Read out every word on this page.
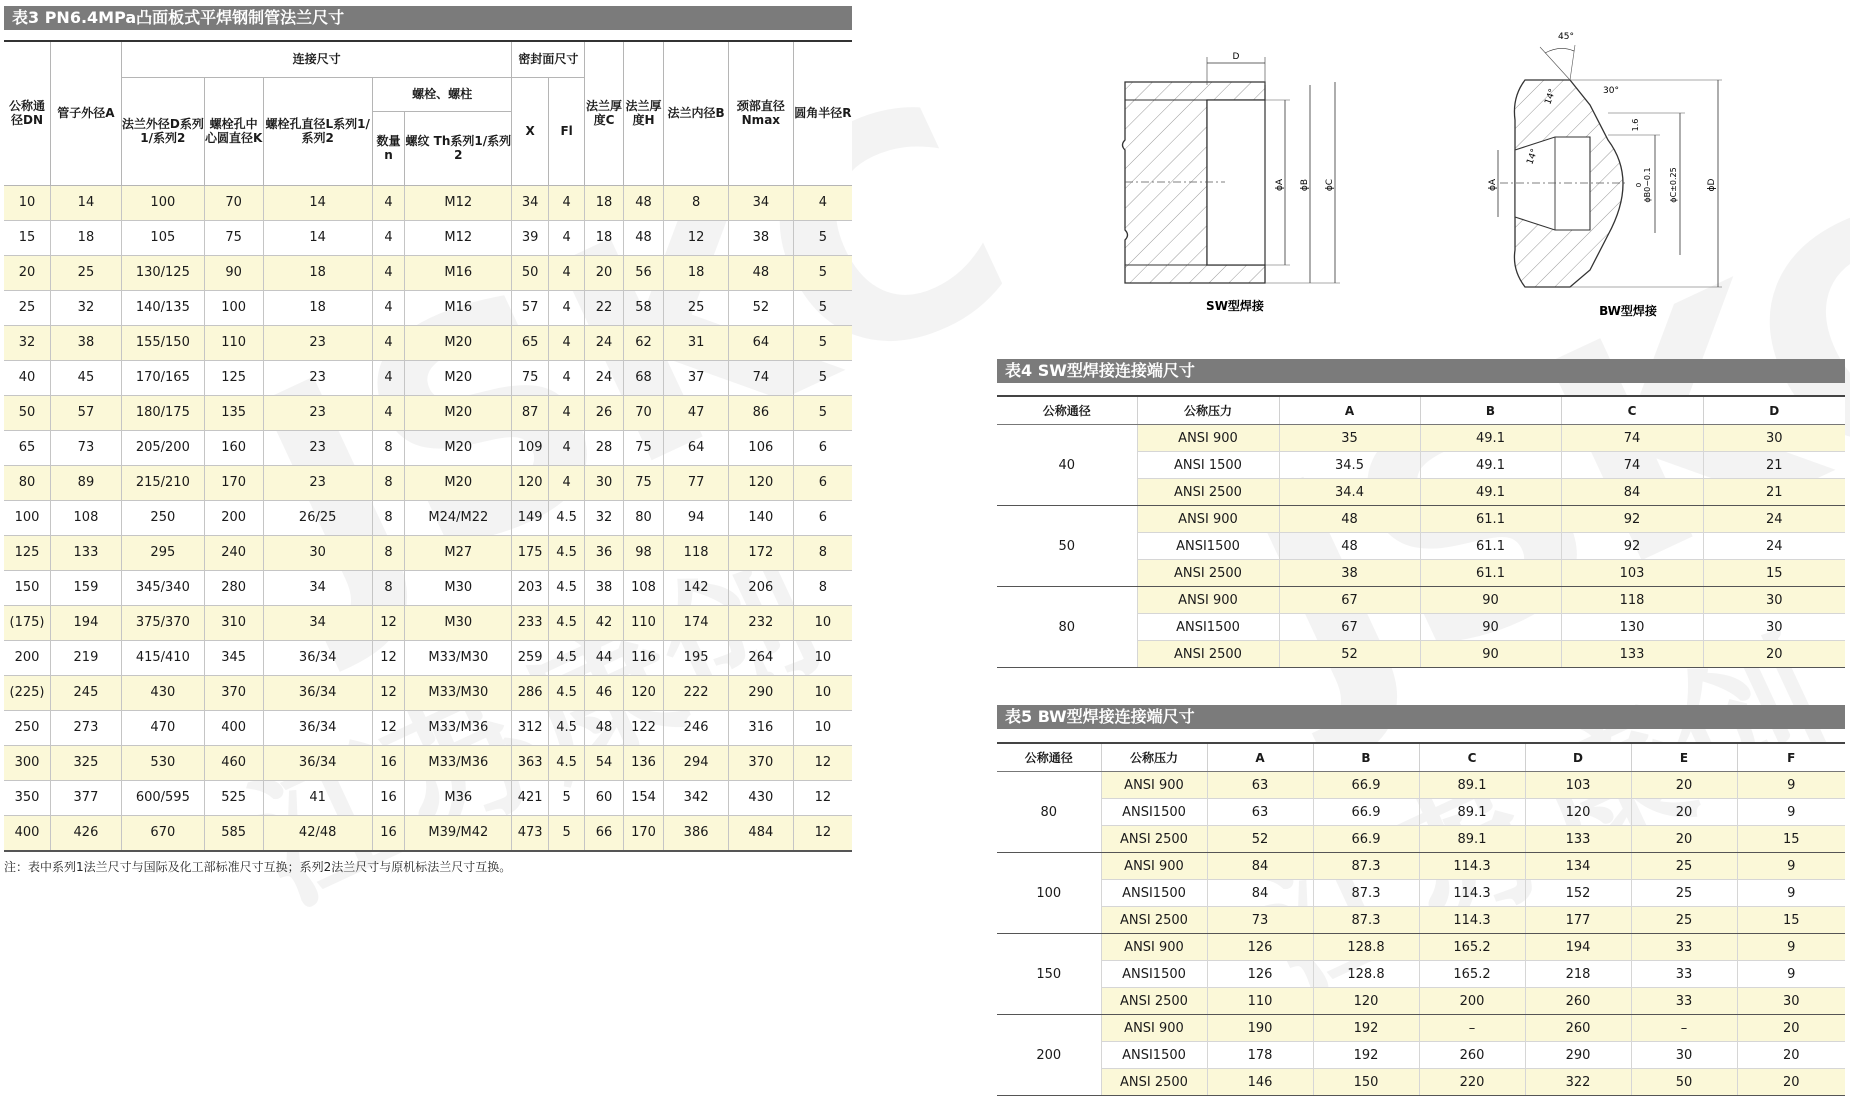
表3 PN6.4MPa凸面板式平焊钢制管法兰尺寸
公称通径DN	管子外径A	连接尺寸					密封面尺寸		法兰厚度C	法兰厚度H	法兰内径B	颈部直径Nmax	圆角半径R
		法兰外径D系列1/系列2	螺栓孔中心圆直径K	螺栓孔直径L系列1/系列2	螺栓、螺柱		X	Fl					
					数量n	螺纹 Th系列1/系列2							
10	14	100	70	14	4	M12	34	4	18	48	8	34	4
15	18	105	75	14	4	M12	39	4	18	48	12	38	5
20	25	130/125	90	18	4	M16	50	4	20	56	18	48	5
25	32	140/135	100	18	4	M16	57	4	22	58	25	52	5
32	38	155/150	110	23	4	M20	65	4	24	62	31	64	5
40	45	170/165	125	23	4	M20	75	4	24	68	37	74	5
50	57	180/175	135	23	4	M20	87	4	26	70	47	86	5
65	73	205/200	160	23	8	M20	109	4	28	75	64	106	6
80	89	215/210	170	23	8	M20	120	4	30	75	77	120	6
100	108	250	200	26/25	8	M24/M22	149	4.5	32	80	94	140	6
125	133	295	240	30	8	M27	175	4.5	36	98	118	172	8
150	159	345/340	280	34	8	M30	203	4.5	38	108	142	206	8
(175)	194	375/370	310	34	12	M30	233	4.5	42	110	174	232	10
200	219	415/410	345	36/34	12	M33/M30	259	4.5	44	116	195	264	10
(225)	245	430	370	36/34	12	M33/M30	286	4.5	46	120	222	290	10
250	273	470	400	36/34	12	M33/M36	312	4.5	48	122	246	316	10
300	325	530	460	36/34	16	M33/M36	363	4.5	54	136	294	370	12
350	377	600/595	525	41	16	M36	421	5	60	154	342	430	12
400	426	670	585	42/48	16	M39/M42	473	5	66	170	386	484	12
注：表中系列1法兰尺寸与国际及化工部标准尺寸互换；系列2法兰尺寸与原机标法兰尺寸互换。
D
ϕA ϕB ϕC
SW型焊接
45°
30°
14°
14°
ϕA	ϕB0−0.1
0	ϕC±0.25	ϕD
1.6
BW型焊接
表4 SW型焊接连接端尺寸
公称通径	公称压力	A	B	C	D
40	ANSI 900	35	49.1	74	30
	ANSI 1500	34.5	49.1	74	21
	ANSI 2500	34.4	49.1	84	21
50	ANSI 900	48	61.1	92	24
	ANSI1500	48	61.1	92	24
	ANSI 2500	38	61.1	103	15
80	ANSI 900	67	90	118	30
	ANSI1500	67	90	130	30
	ANSI 2500	52	90	133	20
表5 BW型焊接连接端尺寸
公称通径	公称压力	A	B	C	D	E	F
80	ANSI 900	63	66.9	89.1	103	20	9
	ANSI1500	63	66.9	89.1	120	20	9
	ANSI 2500	52	66.9	89.1	133	20	15
100	ANSI 900	84	87.3	114.3	134	25	9
	ANSI1500	84	87.3	114.3	152	25	9
	ANSI 2500	73	87.3	114.3	177	25	15
150	ANSI 900	126	128.8	165.2	194	33	9
	ANSI1500	126	128.8	165.2	218	33	9
	ANSI 2500	110	120	200	260	33	30
200	ANSI 900	190	192	–	260	–	20
	ANSI1500	178	192	260	290	30	20
	ANSI 2500	146	150	220	322	50	20
